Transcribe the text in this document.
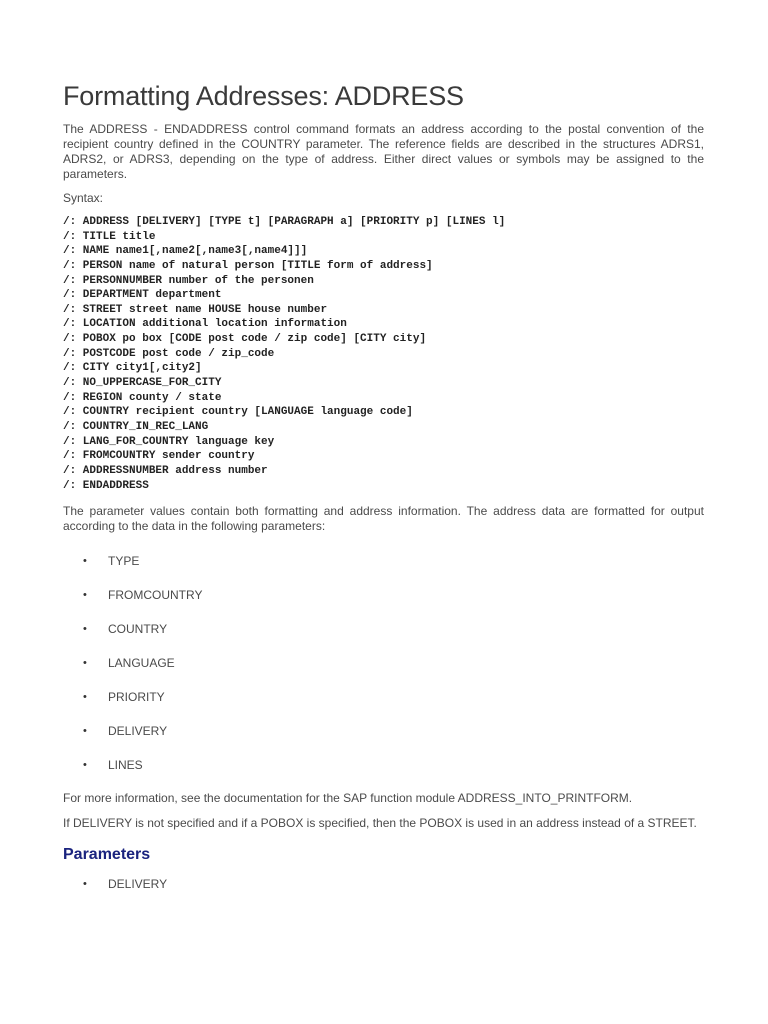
Formatting Addresses: ADDRESS

The ADDRESS - ENDADDRESS control command formats an address according to the postal convention of the recipient country defined in the COUNTRY parameter. The reference fields are described in the structures ADRS1, ADRS2, or ADRS3, depending on the type of address. Either direct values or symbols may be assigned to the parameters.

Syntax:

/: ADDRESS [DELIVERY] [TYPE t] [PARAGRAPH a] [PRIORITY p] [LINES l]
/: TITLE title
/: NAME name1[,name2[,name3[,name4]]]
/: PERSON name of natural person [TITLE form of address]
/: PERSONNUMBER number of the personen
/: DEPARTMENT department
/: STREET street name HOUSE house number
/: LOCATION additional location information
/: POBOX po box [CODE post code / zip code] [CITY city]
/: POSTCODE post code / zip_code
/: CITY city1[,city2]
/: NO_UPPERCASE_FOR_CITY
/: REGION county / state
/: COUNTRY recipient country [LANGUAGE language code]
/: COUNTRY_IN_REC_LANG
/: LANG_FOR_COUNTRY language key
/: FROMCOUNTRY sender country
/: ADDRESSNUMBER address number
/: ENDADDRESS

The parameter values contain both formatting and address information. The address data are formatted for output according to the data in the following parameters:

• TYPE
• FROMCOUNTRY
• COUNTRY
• LANGUAGE
• PRIORITY
• DELIVERY
• LINES

For more information, see the documentation for the SAP function module ADDRESS_INTO_PRINTFORM.

If DELIVERY is not specified and if a POBOX is specified, then the POBOX is used in an address instead of a STREET.

Parameters
• DELIVERY
